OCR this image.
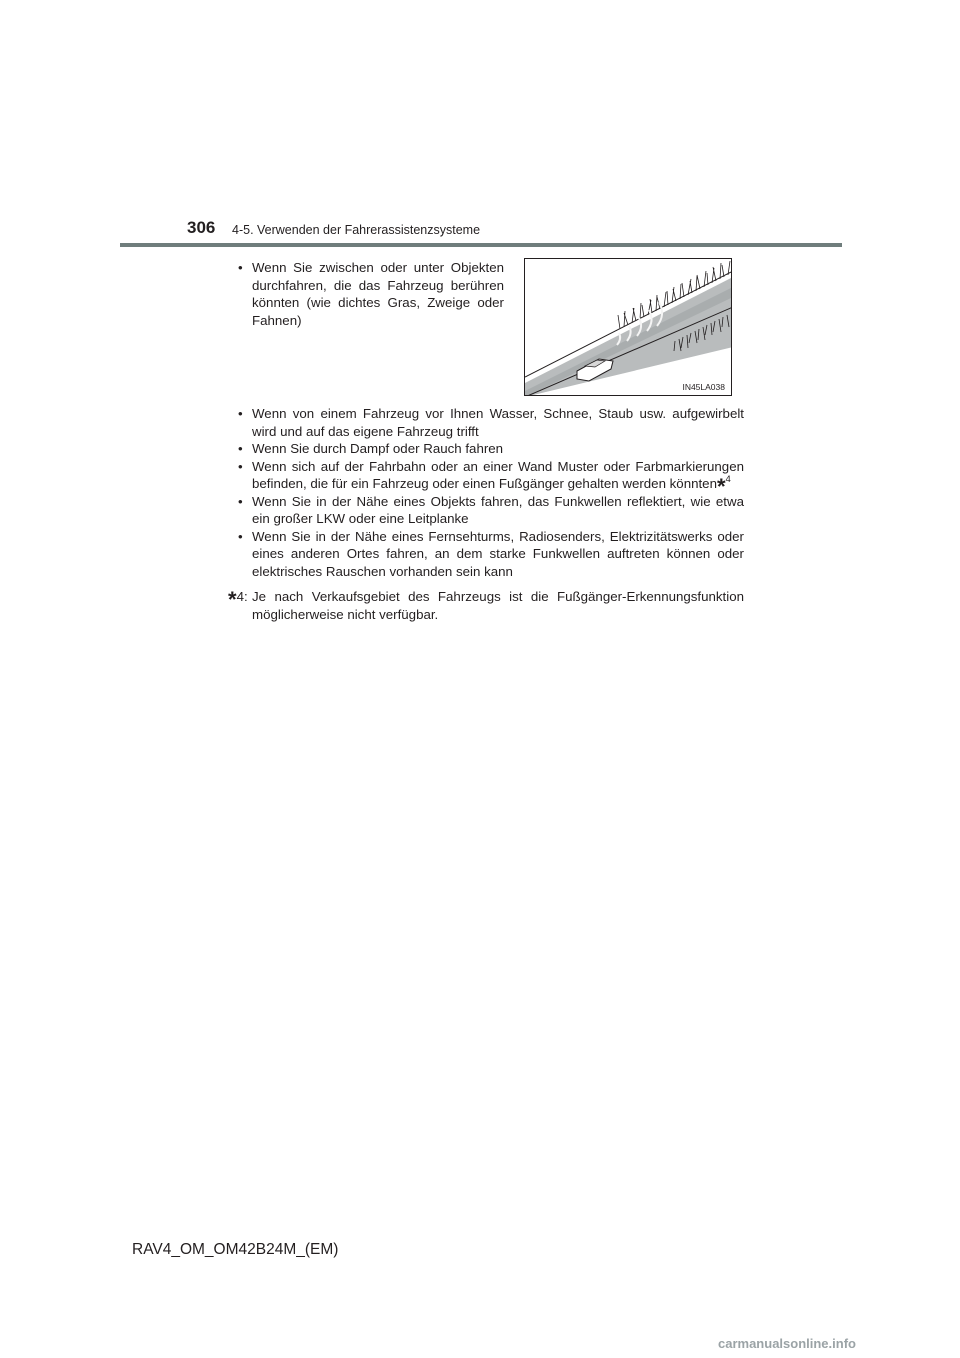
306 4-5. Verwenden der Fahrerassistenzsysteme
• Wenn Sie zwischen oder unter Objekten
durchfahren, die das Fahrzeug berühren
könnten (wie dichtes Gras, Zweige oder
Fahnen)
IN45LA038
• Wenn von einem Fahrzeug vor Ihnen Wasser, Schnee, Staub usw. aufgewirbelt
wird und auf das eigene Fahrzeug trifft
• Wenn Sie durch Dampf oder Rauch fahren
• Wenn sich auf der Fahrbahn oder an einer Wand Muster oder Farbmarkierungen
befinden, die für ein Fahrzeug oder einen Fußgänger gehalten werden könnten*$^4$
• Wenn Sie in der Nähe eines Objekts fahren, das Funkwellen reflektiert, wie etwa
ein großer LKW oder eine Leitplanke
• Wenn Sie in der Nähe eines Fernsehturms, Radiosenders, Elektrizitätswerks oder
eines anderen Ortes fahren, an dem starke Funkwellen auftreten können oder
elektrisches Rauschen vorhanden sein kann
*4: Je nach Verkaufsgebiet des Fahrzeugs ist die Fußgänger-Erkennungsfunktion
möglicherweise nicht verfügbar.
RAV4_OM_OM42B24M_(EM)
carmanualsonline.info
